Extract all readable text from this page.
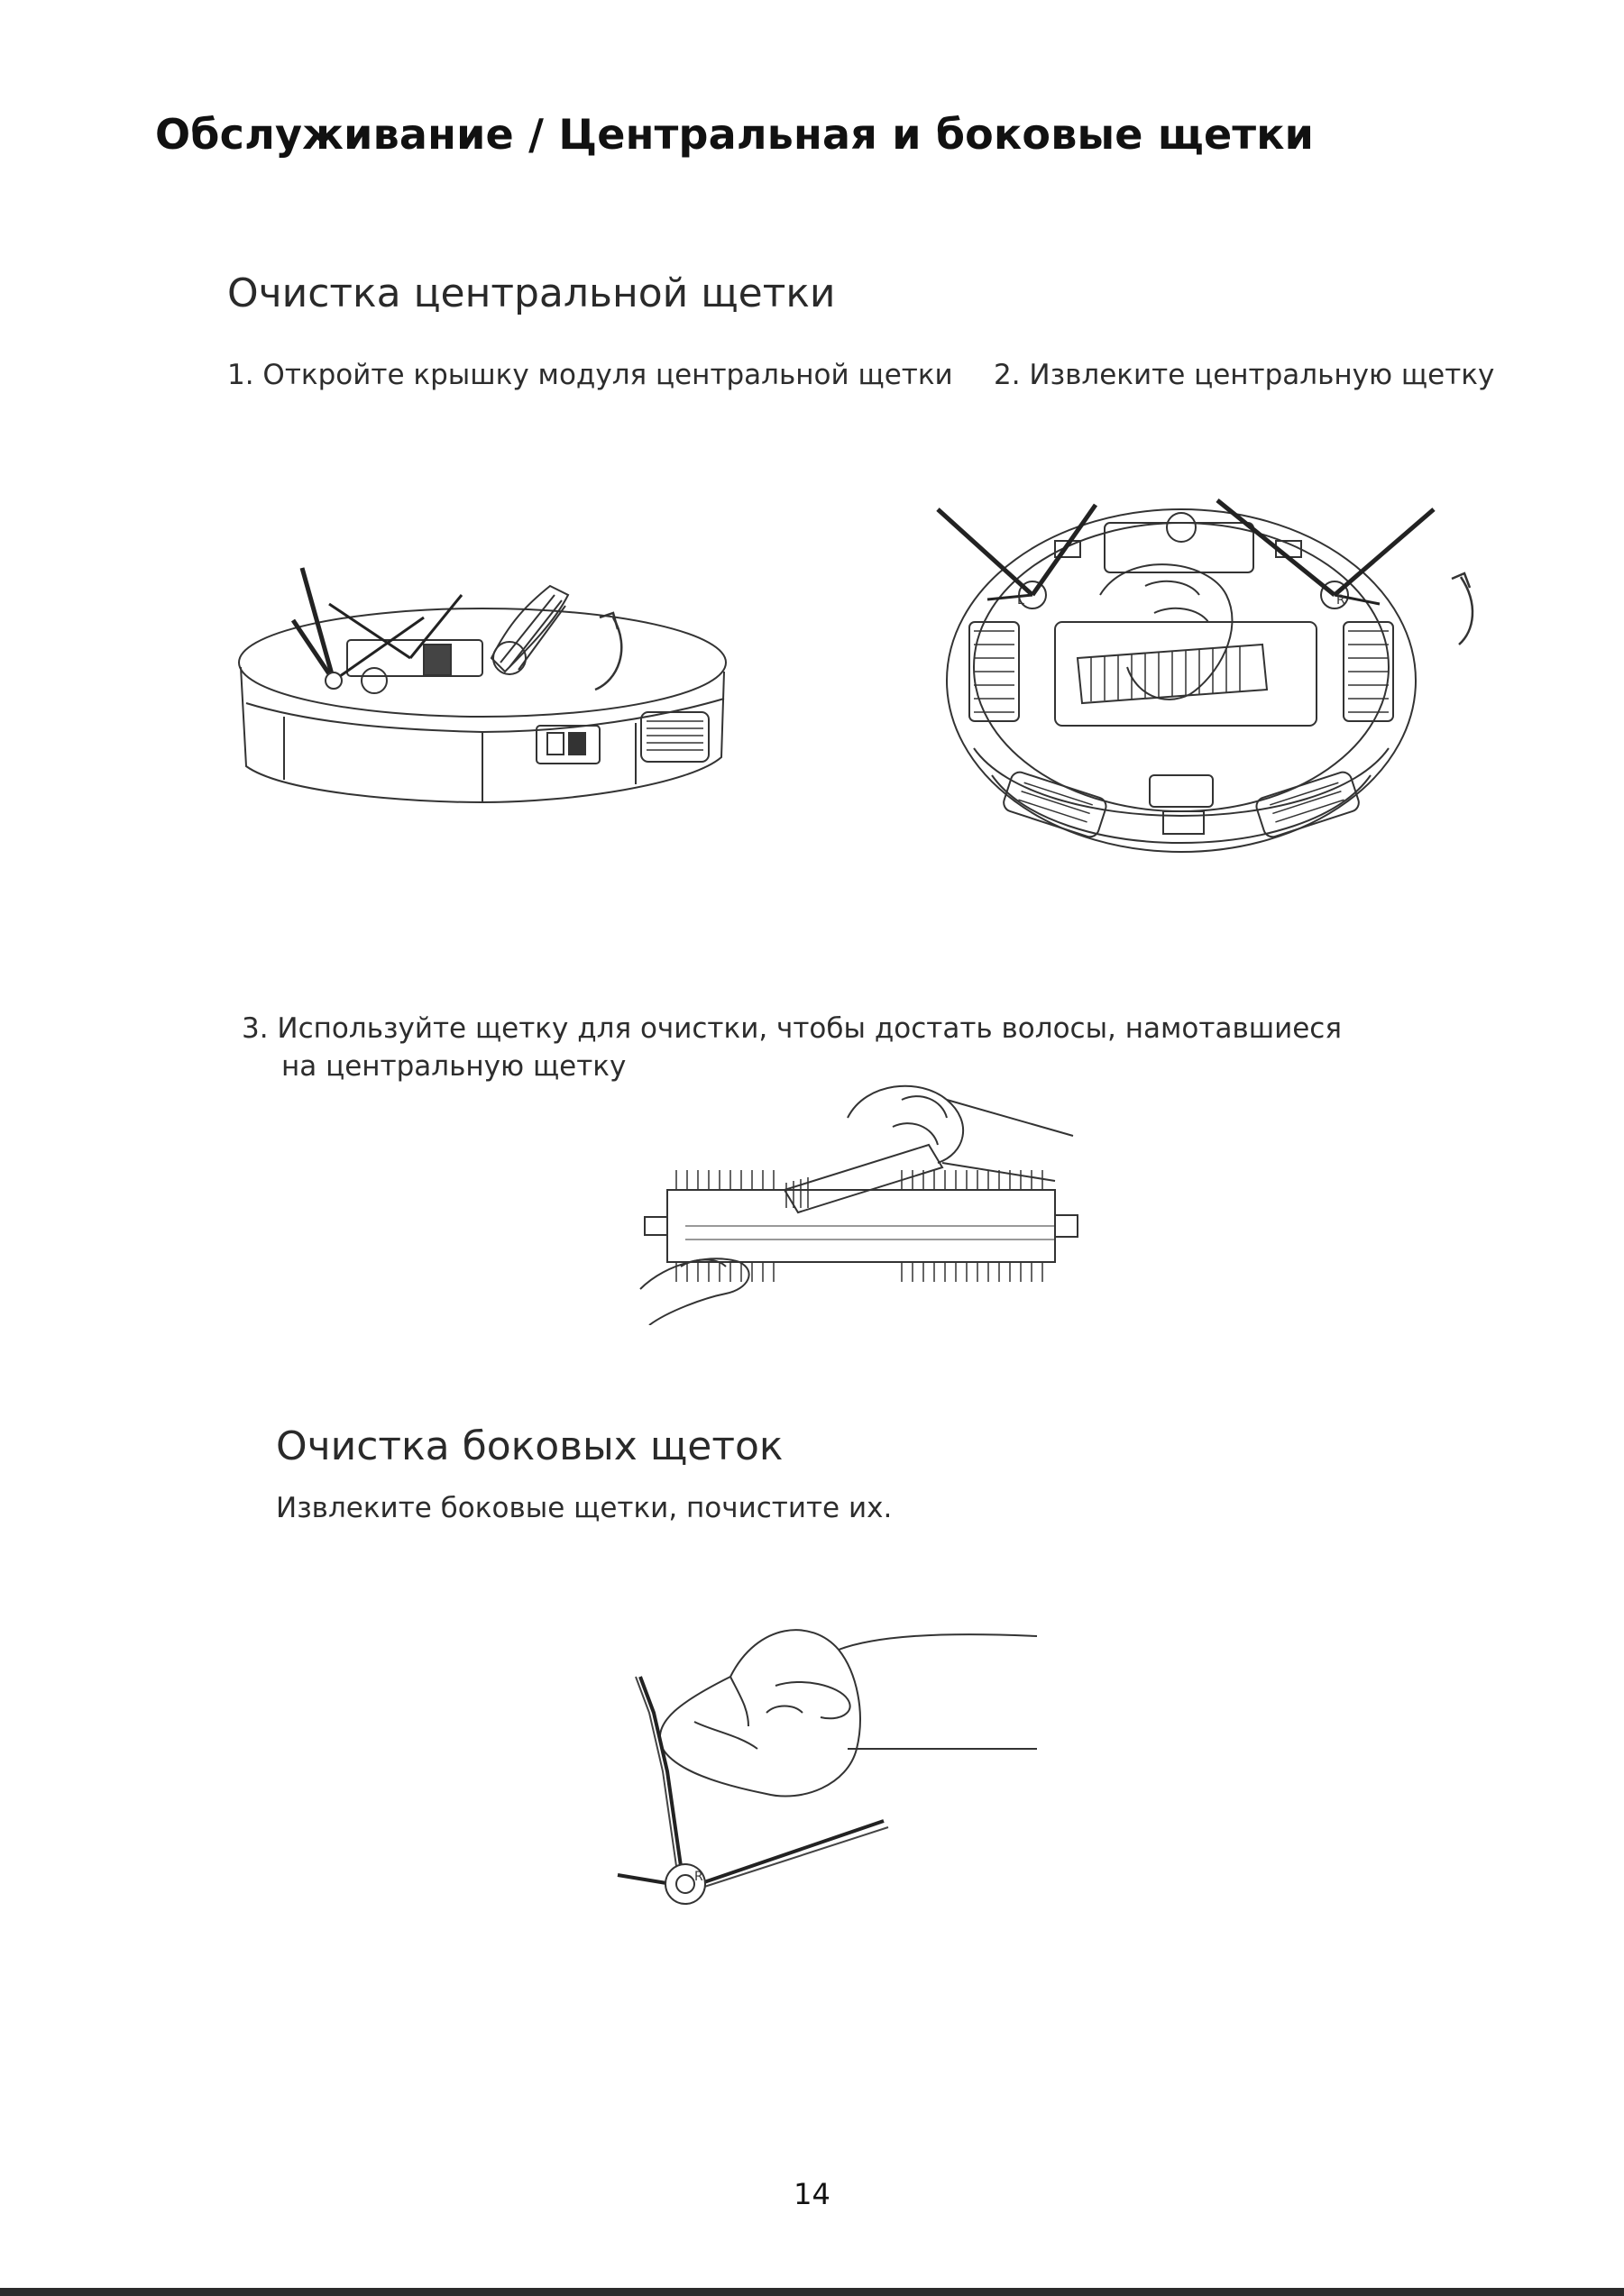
Обслуживание / Центральная и боковые щетки
Очистка центральной щетки

1. Откройте крышку модуля центральной щетки 2. Извлеките центральную щетку

L	R

3. Используйте щетку для очистки, чтобы достать волосы, намотавшиеся

на центральную щетку

Очистка боковых щеток

Извлеките боковые щетки, почистите их.

R
14
